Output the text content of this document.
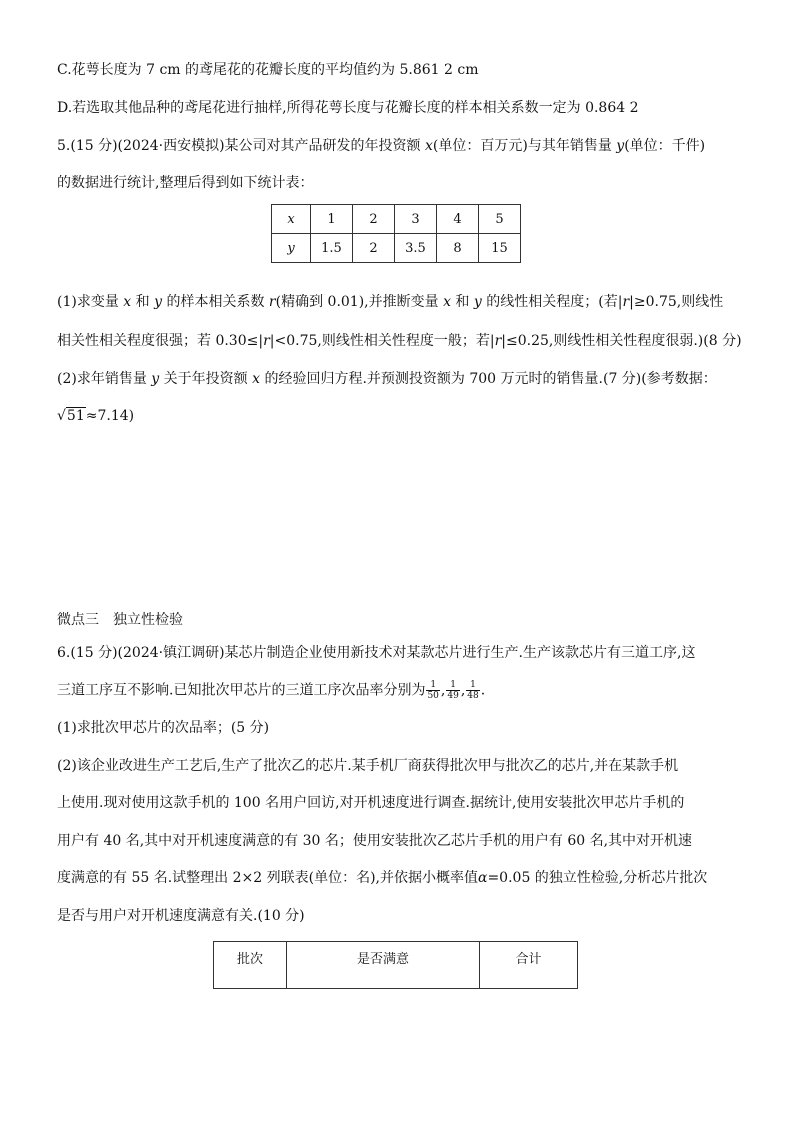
C.花萼长度为 7 cm 的鸢尾花的花瓣长度的平均值约为 5.861 2 cm
D.若选取其他品种的鸢尾花进行抽样,所得花萼长度与花瓣长度的样本相关系数一定为 0.864 2
5.(15 分)(2024·西安模拟)某公司对其产品研发的年投资额 x(单位：百万元)与其年销售量 y(单位：千件)
的数据进行统计,整理后得到如下统计表：
x	1	2	3	4	5
y	1.5	2	3.5	8	15
(1)求变量 x 和 y 的样本相关系数 r(精确到 0.01),并推断变量 x 和 y 的线性相关程度；(若|r|≥0.75,则线性
相关性相关程度很强；若 0.30≤|r|<0.75,则线性相关性程度一般；若|r|≤0.25,则线性相关性程度很弱.)(8 分)
(2)求年销售量 y 关于年投资额 x 的经验回归方程.并预测投资额为 700 万元时的销售量.(7 分)(参考数据：
√51≈7.14)
微点三　独立性检验
6.(15 分)(2024·镇江调研)某芯片制造企业使用新技术对某款芯片进行生产.生产该款芯片有三道工序,这
三道工序互不影响.已知批次甲芯片的三道工序次品率分别为 $\frac{1}{50}$ , $\frac{1}{49}$ , $\frac{1}{48}$ .
(1)求批次甲芯片的次品率；(5 分)
(2)该企业改进生产工艺后,生产了批次乙的芯片.某手机厂商获得批次甲与批次乙的芯片,并在某款手机
上使用.现对使用这款手机的 100 名用户回访,对开机速度进行调查.据统计,使用安装批次甲芯片手机的
用户有 40 名,其中对开机速度满意的有 30 名；使用安装批次乙芯片手机的用户有 60 名,其中对开机速
度满意的有 55 名.试整理出 2×2 列联表(单位：名),并依据小概率值α=0.05 的独立性检验,分析芯片批次
是否与用户对开机速度满意有关.(10 分)
批次	是否满意	合计
